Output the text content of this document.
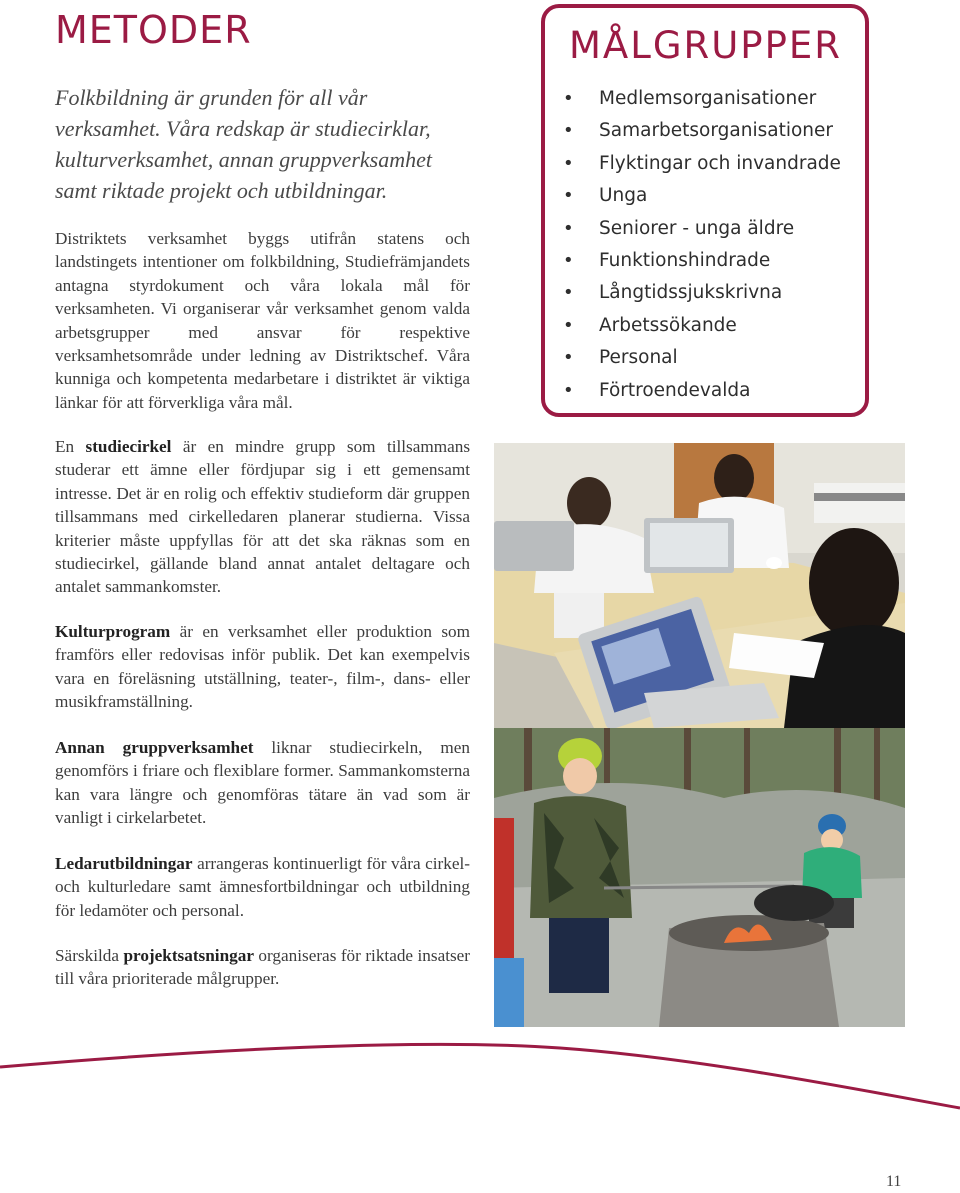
METODER

Folkbildning är grunden för all vår verksamhet. Våra redskap är studiecirklar, kulturverksamhet, annan gruppverksamhet samt riktade projekt och utbildningar.

Distriktets verksamhet byggs utifrån statens och landstingets intentioner om folkbildning, Studiefrämjandets antagna styrdokument och våra lokala mål för verksamheten. Vi organiserar vår verksamhet genom valda arbetsgrupper med ansvar för respektive verksamhetsområde under ledning av Distriktschef. Våra kunniga och kompetenta medarbetare i distriktet är viktiga länkar för att förverkliga våra mål.

En studiecirkel är en mindre grupp som tillsammans studerar ett ämne eller fördjupar sig i ett gemensamt intresse. Det är en rolig och effektiv studieform där gruppen tillsammans med cirkelledaren planerar studierna. Vissa kriterier måste uppfyllas för att det ska räknas som en studiecirkel, gällande bland annat antalet deltagare och antalet sammankomster.

Kulturprogram är en verksamhet eller produktion som framförs eller redovisas inför publik. Det kan exempelvis vara en föreläsning utställning, teater-, film-, dans- eller musikframställning.

Annan gruppverksamhet liknar studiecirkeln, men genomförs i friare och flexiblare former. Sammankomsterna kan vara längre och genomföras tätare än vad som är vanligt i cirkelarbetet.

Ledarutbildningar arrangeras kontinuerligt för våra cirkel- och kulturledare samt ämnesfortbildningar och utbildning för ledamöter och personal.

Särskilda projektsatsningar organiseras för riktade insatser till våra prioriterade målgrupper.

MÅLGRUPPER
• Medlemsorganisationer
• Samarbetsorganisationer
• Flyktingar och invandrade
• Unga
• Seniorer - unga äldre
• Funktionshindrade
• Långtidssjukskrivna
• Arbetssökande
• Personal
• Förtroendevalda
11
